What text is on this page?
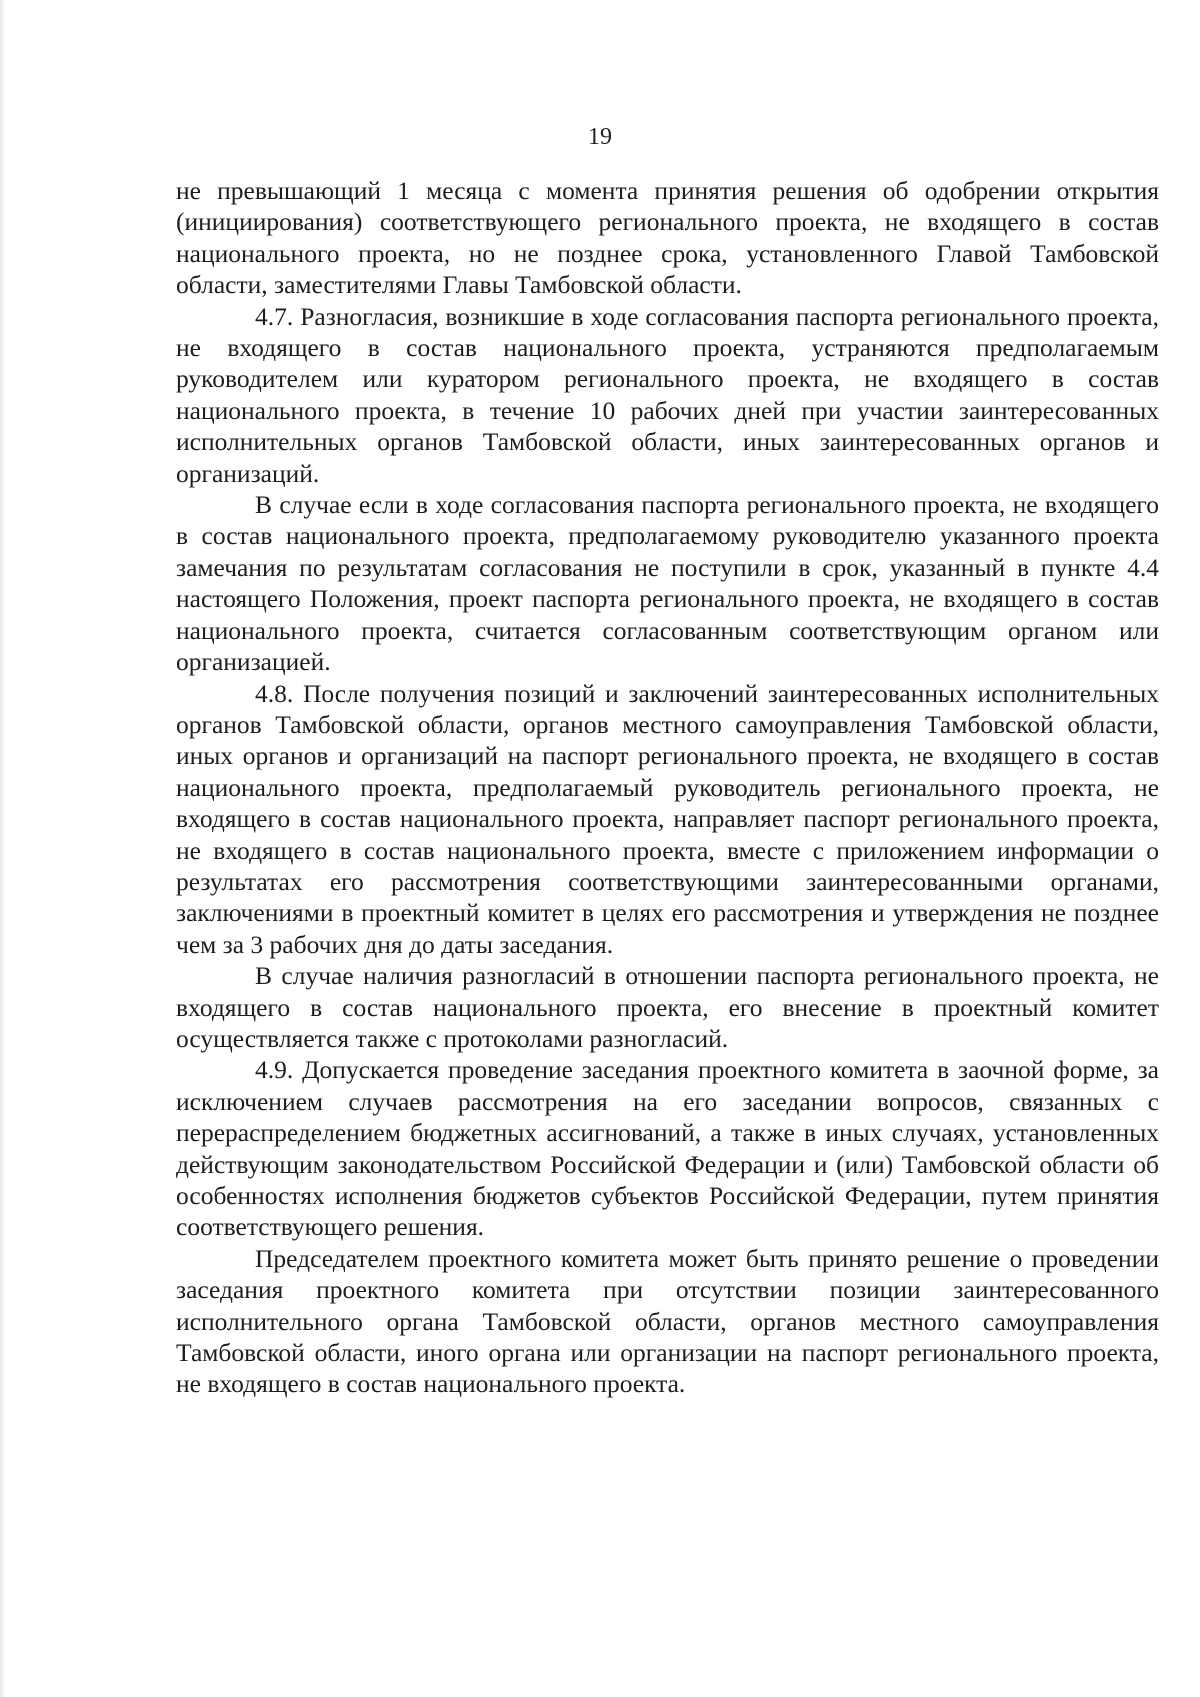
19

не превышающий 1 месяца с момента принятия решения об одобрении открытия (инициирования) соответствующего регионального проекта, не входящего в состав национального проекта, но не позднее срока, установленного Главой Тамбовской области, заместителями Главы Тамбовской области.

4.7. Разногласия, возникшие в ходе согласования паспорта регионального проекта, не входящего в состав национального проекта, устраняются предполагаемым руководителем или куратором регионального проекта, не входящего в состав национального проекта, в течение 10 рабочих дней при участии заинтересованных исполнительных органов Тамбовской области, иных заинтересованных органов и организаций.

В случае если в ходе согласования паспорта регионального проекта, не входящего в состав национального проекта, предполагаемому руководителю указанного проекта замечания по результатам согласования не поступили в срок, указанный в пункте 4.4 настоящего Положения, проект паспорта регионального проекта, не входящего в состав национального проекта, считается согласованным соответствующим органом или организацией.

4.8. После получения позиций и заключений заинтересованных исполнительных органов Тамбовской области, органов местного самоуправления Тамбовской области, иных органов и организаций на паспорт регионального проекта, не входящего в состав национального проекта, предполагаемый руководитель регионального проекта, не входящего в состав национального проекта, направляет паспорт регионального проекта, не входящего в состав национального проекта, вместе с приложением информации о результатах его рассмотрения соответствующими заинтересованными органами, заключениями в проектный комитет в целях его рассмотрения и утверждения не позднее чем за 3 рабочих дня до даты заседания.

В случае наличия разногласий в отношении паспорта регионального проекта, не входящего в состав национального проекта, его внесение в проектный комитет осуществляется также с протоколами разногласий.

4.9. Допускается проведение заседания проектного комитета в заочной форме, за исключением случаев рассмотрения на его заседании вопросов, связанных с перераспределением бюджетных ассигнований, а также в иных случаях, установленных действующим законодательством Российской Федерации и (или) Тамбовской области об особенностях исполнения бюджетов субъектов Российской Федерации, путем принятия соответствующего решения.

Председателем проектного комитета может быть принято решение о проведении заседания проектного комитета при отсутствии позиции заинтересованного исполнительного органа Тамбовской области, органов местного самоуправления Тамбовской области, иного органа или организации на паспорт регионального проекта, не входящего в состав национального проекта.
